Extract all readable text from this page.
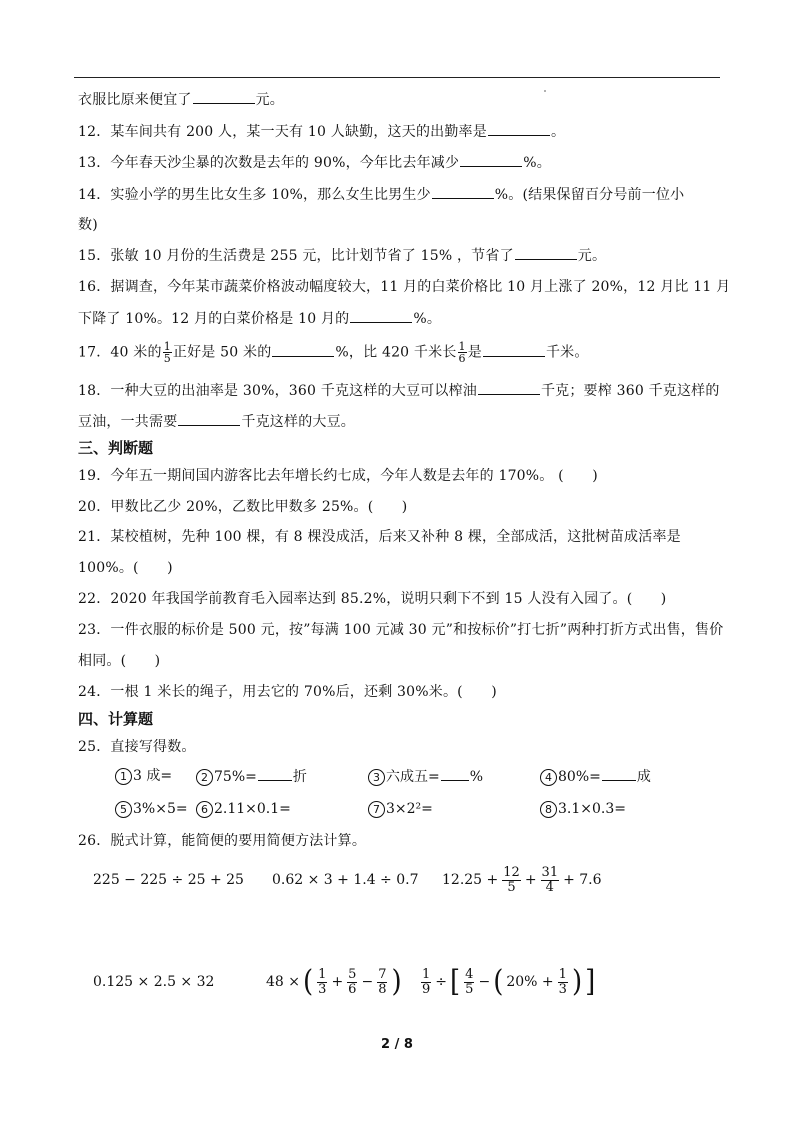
衣服比原来便宜了	元。
12．某车间共有 200 人，某一天有 10 人缺勤，这天的出勤率是	。
13．今年春天沙尘暴的次数是去年的 90%，今年比去年减少	%。
14．实验小学的男生比女生多 10%，那么女生比男生少	%。(结果保留百分号前一位小
数)
15．张敏 10 月份的生活费是 255 元，比计划节省了 15% ，节省了	元。
16．据调查，今年某市蔬菜价格波动幅度较大，11 月的白菜价格比 10 月上涨了 20%，12 月比 11 月
下降了 10%。12 月的白菜价格是 10 月的	%。
17．40 米的 $\frac{1}{5}$ 正好是 50 米的	%，比 420 千米长 $\frac{1}{6}$ 是	千米。
18．一种大豆的出油率是 30%，360 千克这样的大豆可以榨油	千克；要榨 360 千克这样的
豆油，一共需要	千克这样的大豆。
三、判断题
19．今年五一期间国内游客比去年增长约七成，今年人数是去年的 170%。 (　　)
20．甲数比乙少 20%，乙数比甲数多 25%。(　　)
21．某校植树，先种 100 棵，有 8 棵没成活，后来又补种 8 棵，全部成活，这批树苗成活率是
100%。(　　)
22．2020 年我国学前教育毛入园率达到 85.2%，说明只剩下不到 15 人没有入园了。(　　)
23．一件衣服的标价是 500 元，按”每满 100 元减 30 元”和按标价”打七折”两种打折方式出售，售价
相同。(　　)
24．一根 1 米长的绳子，用去它的 70%后，还剩 30%米。(　　)
四、计算题
25．直接写得数。
1 3 成=	2 75%=	折	3 六成五= %	4 80%=	成
5 3%×5=	6 2.11×0.1=	7 3×2²=	8 3.1×0.3=
26．脱式计算，能简便的要用简便方法计算。
225 − 225 ÷ 25 + 25 0.62 × 3 + 1.4 ÷ 0.7 $12.25 + \frac{12}{5} + \frac{31}{4} + 7.6$
0.125 × 2.5 × 32	48 × ( $\frac{1}{3} + \frac{5}{6} - \frac{7}{8}$ ) $\frac{1}{9}$ ÷ [ $\frac{4}{5}$ − ( $20\% + \frac{1}{3}$ ) ]
2 / 8
